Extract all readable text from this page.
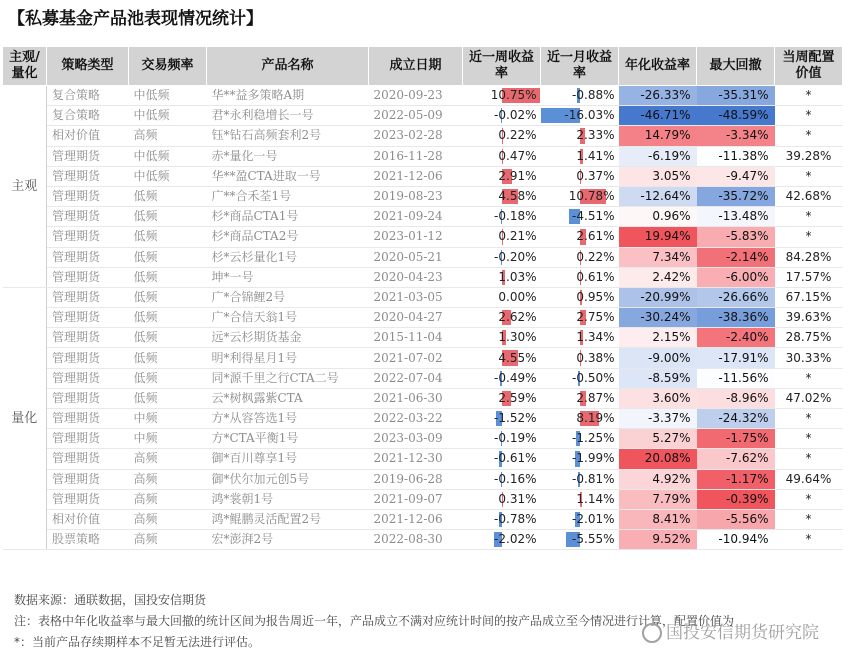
【私募基金产品池表现情况统计】
主观/量化	策略类型	交易频率	产品名称	成立日期	近一周收益率	近一月收益率	年化收益率	最大回撤	当周配置价值
主观	复合策略	中低频	华**益多策略A期	2020-09-23	10.75%	-0.88%	-26.33%	-35.31%	*
	复合策略	中低频	君*永利稳增长一号	2022-05-09	-0.02%	-16.03%	-46.71%	-48.59%	*
	相对价值	高频	钰*钻石高频套利2号	2023-02-28	0.22%	2.33%	14.79%	-3.34%	*
	管理期货	中低频	赤*量化一号	2016-11-28	0.47%	1.41%	-6.19%	-11.38%	39.28%
	管理期货	中低频	华**盈CTA进取一号	2021-12-06	2.91%	0.37%	3.05%	-9.47%	*
	管理期货	低频	广**合禾荃1号	2019-08-23	4.58%	10.78%	-12.64%	-35.72%	42.68%
	管理期货	低频	杉*商品CTA1号	2021-09-24	-0.18%	-4.51%	0.96%	-13.48%	*
	管理期货	低频	杉*商品CTA2号	2023-01-12	0.21%	2.61%	19.94%	-5.83%	*
	管理期货	低频	杉*云杉量化1号	2020-05-21	-0.20%	0.22%	7.34%	-2.14%	84.28%
	管理期货	低频	坤*一号	2020-04-23	1.03%	0.61%	2.42%	-6.00%	17.57%
量化	管理期货	低频	广*合锦鲤2号	2021-03-05	0.00%	0.95%	-20.99%	-26.66%	67.15%
	管理期货	低频	广*合信天翁1号	2020-04-27	2.62%	2.75%	-30.24%	-38.36%	39.63%
	管理期货	低频	远*云杉期货基金	2015-11-04	1.30%	1.34%	2.15%	-2.40%	28.75%
	管理期货	低频	明*利得星月1号	2021-07-02	4.55%	0.38%	-9.00%	-17.91%	30.33%
	管理期货	低频	同*源千里之行CTA二号	2022-07-04	-0.49%	-0.50%	-8.59%	-11.56%	*
	管理期货	低频	云*树枫露紫CTA	2021-06-30	2.59%	2.87%	3.60%	-8.96%	47.02%
	管理期货	中频	方*从容答选1号	2022-03-22	-1.52%	8.19%	-3.37%	-24.32%	*
	管理期货	中频	方*CTA平衡1号	2023-03-09	-0.19%	-1.25%	5.27%	-1.75%	*
	管理期货	高频	御*百川尊享1号	2021-12-30	-0.61%	-1.99%	20.08%	-7.62%	*
	管理期货	高频	御*伏尔加元创5号	2019-06-28	-0.16%	-0.81%	4.92%	-1.17%	49.64%
	管理期货	高频	鸿*裳朝1号	2021-09-07	0.31%	1.14%	7.79%	-0.39%	*
	相对价值	高频	鸿*鲲鹏灵活配置2号	2021-12-06	-0.78%	-2.01%	8.41%	-5.56%	*
	股票策略	高频	宏*澎湃2号	2022-08-30	-2.02%	-5.55%	9.52%	-10.94%	*
数据来源：通联数据，国投安信期货
注：表格中年化收益率与最大回撤的统计区间为报告周近一年，产品成立不满对应统计时间的按产品成立至今情况进行计算，配置价值为
*：当前产品存续期样本不足暂无法进行评估。	国投安信期货研究院
